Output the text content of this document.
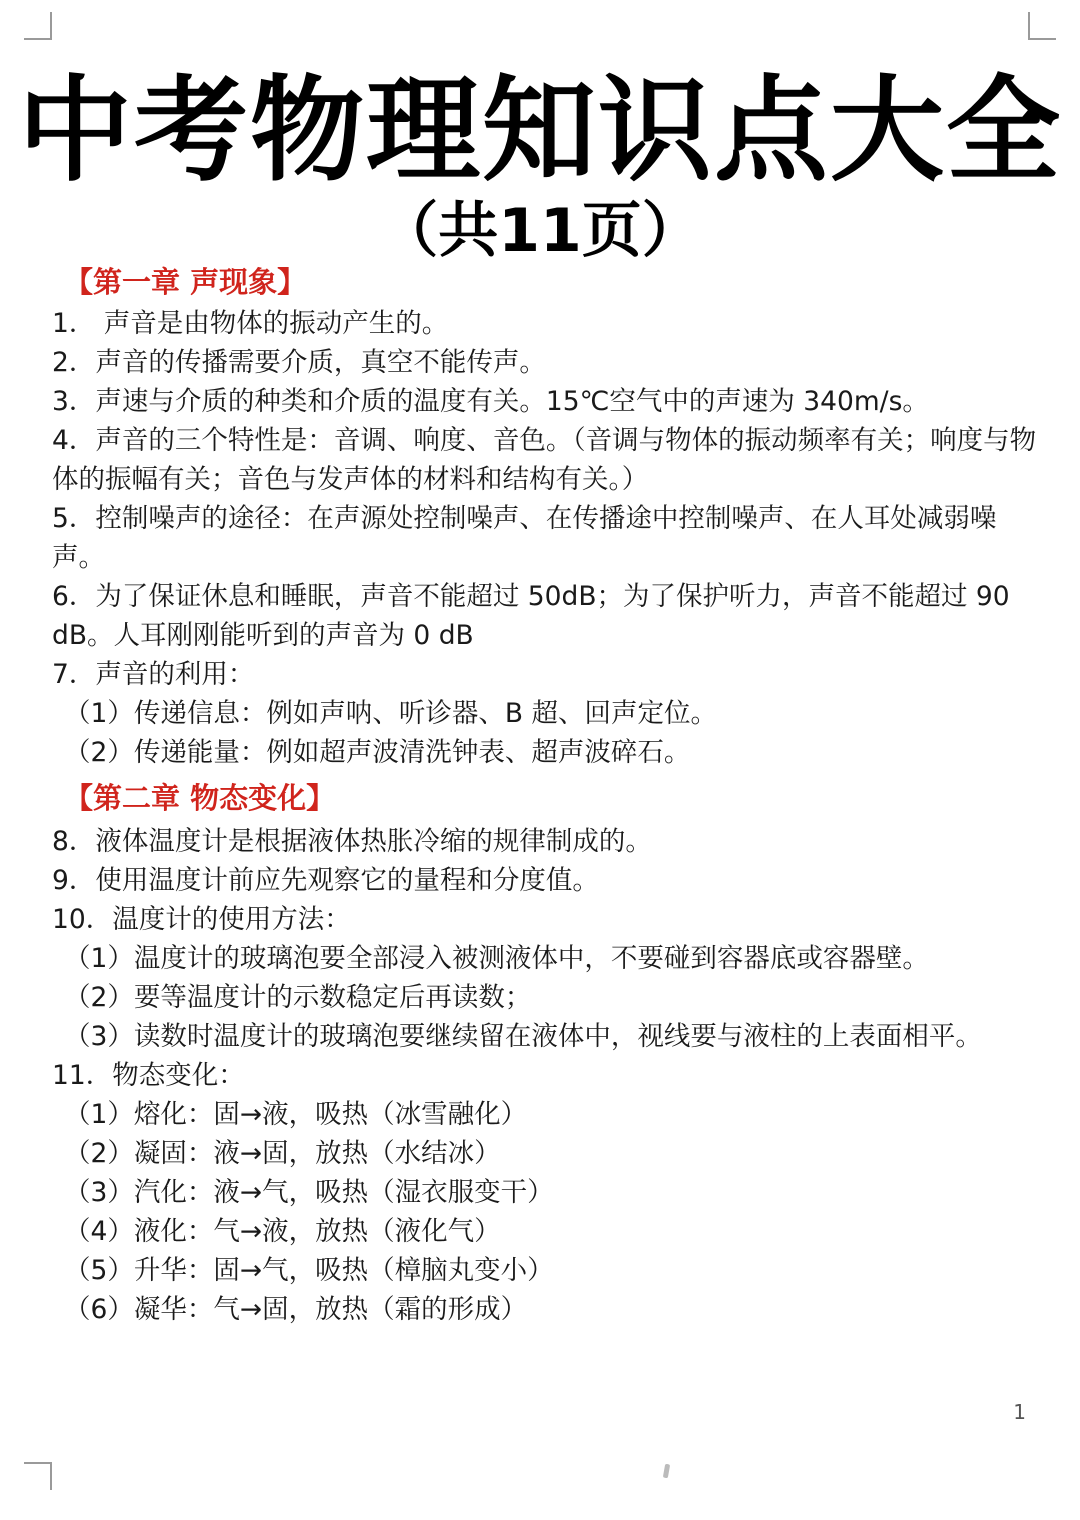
中考物理知识点大全
（共11页）
【第一章 声现象】

1． 声音是由物体的振动产生的。

2．声音的传播需要介质，真空不能传声。

3．声速与介质的种类和介质的温度有关。15℃空气中的声速为 340m/s。

4．声音的三个特性是：音调、响度、音色。（音调与物体的振动频率有关；响度与物体的振幅有关；音色与发声体的材料和结构有关。）

5．控制噪声的途径：在声源处控制噪声、在传播途中控制噪声、在人耳处减弱噪声。

6．为了保证休息和睡眠，声音不能超过 50dB；为了保护听力，声音不能超过 90 dB。人耳刚刚能听到的声音为 0 dB

7．声音的利用：

（1）传递信息：例如声呐、听诊器、B 超、回声定位。

（2）传递能量：例如超声波清洗钟表、超声波碎石。

【第二章 物态变化】

8．液体温度计是根据液体热胀冷缩的规律制成的。

9．使用温度计前应先观察它的量程和分度值。

10．温度计的使用方法：

（1）温度计的玻璃泡要全部浸入被测液体中，不要碰到容器底或容器壁。

（2）要等温度计的示数稳定后再读数；

（3）读数时温度计的玻璃泡要继续留在液体中，视线要与液柱的上表面相平。

11．物态变化：

（1）熔化：固→液，吸热（冰雪融化）

（2）凝固：液→固，放热（水结冰）

（3）汽化：液→气，吸热（湿衣服变干）

（4）液化：气→液，放热（液化气）

（5）升华：固→气，吸热（樟脑丸变小）

（6）凝华：气→固，放热（霜的形成）

1
